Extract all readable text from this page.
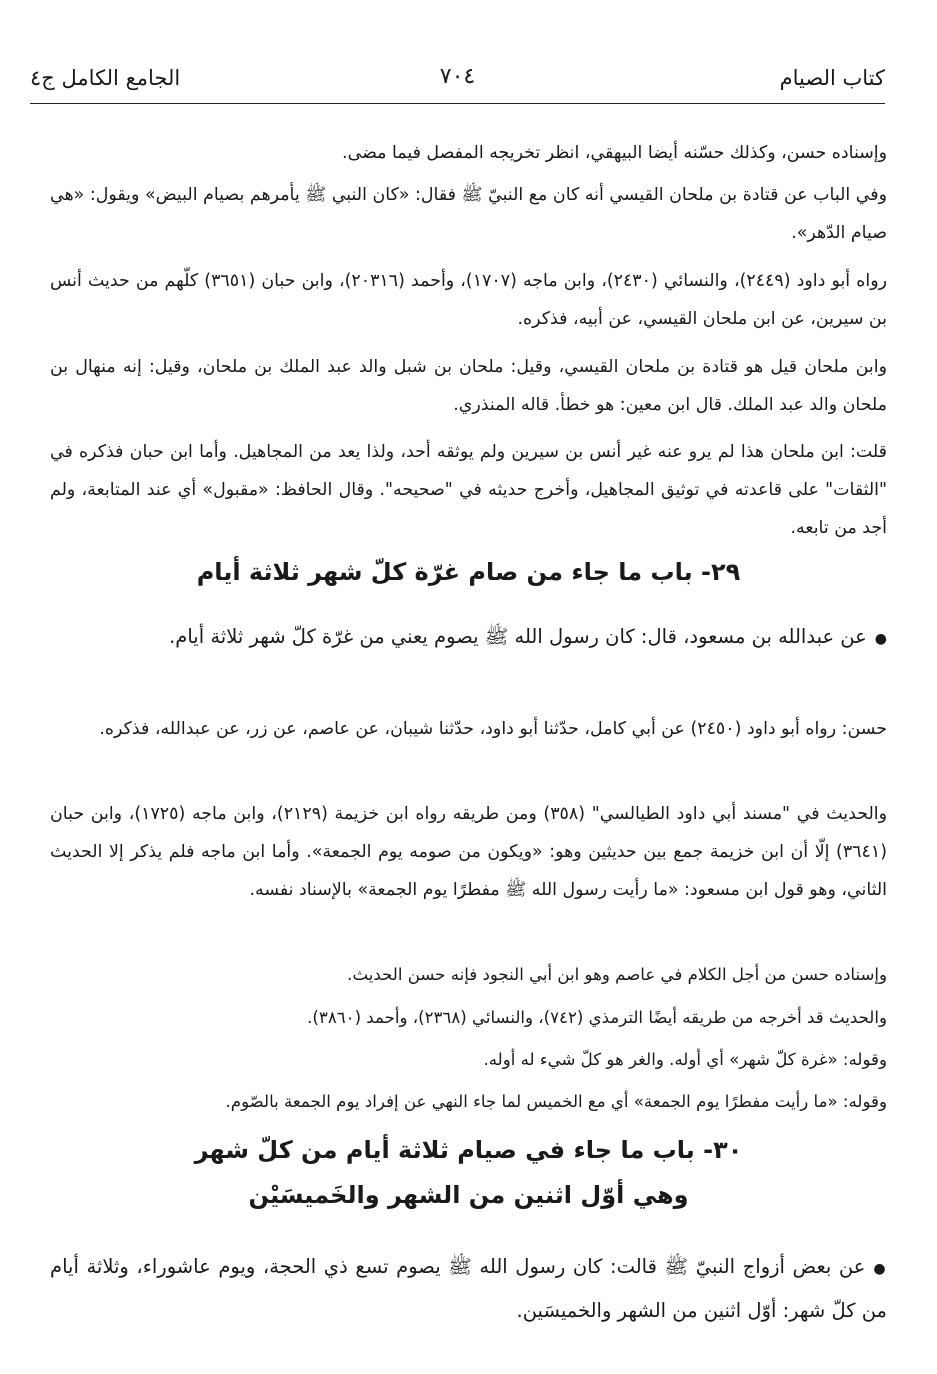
كتاب الصيام
٧٠٤
الجامع الكامل ج٤
وإسناده حسن، وكذلك حسّنه أيضا البيهقي، انظر تخريجه المفصل فيما مضى.
وفي الباب عن قتادة بن ملحان القيسي أنه كان مع النبيّ ﷺ فقال: «كان النبي ﷺ يأمرهم بصيام البيض» ويقول: «هي صيام الدّهر».
رواه أبو داود (٢٤٤٩)، والنسائي (٢٤٣٠)، وابن ماجه (١٧٠٧)، وأحمد (٢٠٣١٦)، وابن حبان (٣٦٥١) كلّهم من حديث أنس بن سيرين، عن ابن ملحان القيسي، عن أبيه، فذكره.
وابن ملحان قيل هو قتادة بن ملحان القيسي، وقيل: ملحان بن شبل والد عبد الملك بن ملحان، وقيل: إنه منهال بن ملحان والد عبد الملك. قال ابن معين: هو خطأ. قاله المنذري.
قلت: ابن ملحان هذا لم يرو عنه غير أنس بن سيرين ولم يوثقه أحد، ولذا يعد من المجاهيل. وأما ابن حبان فذكره في "الثقات" على قاعدته في توثيق المجاهيل، وأخرج حديثه في "صحيحه". وقال الحافظ: «مقبول» أي عند المتابعة، ولم أجد من تابعه.
٢٩- باب ما جاء من صام غرّة كلّ شهر ثلاثة أيام
●عن عبدالله بن مسعود، قال: كان رسول الله ﷺ يصوم يعني من غرّة كلّ شهر ثلاثة أيام.
حسن: رواه أبو داود (٢٤٥٠) عن أبي كامل، حدّثنا أبو داود، حدّثنا شيبان، عن عاصم، عن زر، عن عبدالله، فذكره.
والحديث في "مسند أبي داود الطيالسي" (٣٥٨) ومن طريقه رواه ابن خزيمة (٢١٢٩)، وابن ماجه (١٧٢٥)، وابن حبان (٣٦٤١) إلّا أن ابن خزيمة جمع بين حديثين وهو: «ويكون من صومه يوم الجمعة». وأما ابن ماجه فلم يذكر إلا الحديث الثاني، وهو قول ابن مسعود: «ما رأيت رسول الله ﷺ مفطرًا يوم الجمعة» بالإسناد نفسه.
وإسناده حسن من أجل الكلام في عاصم وهو ابن أبي النجود فإنه حسن الحديث.
والحديث قد أخرجه من طريقه أيضًا الترمذي (٧٤٢)، والنسائي (٢٣٦٨)، وأحمد (٣٨٦٠).
وقوله: «غرة كلّ شهر» أي أوله. والغر هو كلّ شيء له أوله.
وقوله: «ما رأيت مفطرًا يوم الجمعة» أي مع الخميس لما جاء النهي عن إفراد يوم الجمعة بالصّوم.
٣٠- باب ما جاء في صيام ثلاثة أيام من كلّ شهر
وهي أوّل اثنين من الشهر والخَميسَيْن
●عن بعض أزواج النبيّ ﷺ قالت: كان رسول الله ﷺ يصوم تسع ذي الحجة، ويوم عاشوراء، وثلاثة أيام من كلّ شهر: أوّل اثنين من الشهر والخميسَين.
